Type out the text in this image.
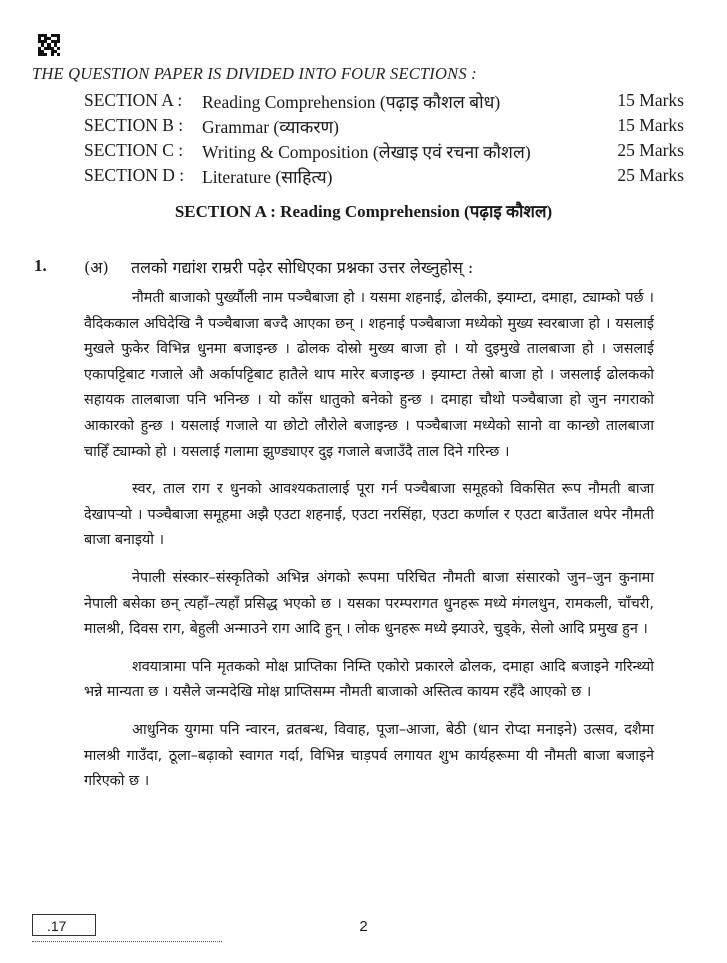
THE QUESTION PAPER IS DIVIDED INTO FOUR SECTIONS :
SECTION A : Reading Comprehension (पढ़ाइ कौशल बोध)	15 Marks
SECTION B : Grammar (व्याकरण)	15 Marks
SECTION C : Writing & Composition (लेखाइ एवं रचना कौशल)	25 Marks
SECTION D : Literature (साहित्य)	25 Marks
SECTION A : Reading Comprehension (पढ़ाइ कौशल)
1. (अ) तलको गद्यांश राम्ररी पढ़ेर सोधिएका प्रश्नका उत्तर लेख्नुहोस् :

नौमती बाजाको पुर्ख्यौली नाम पञ्चैबाजा हो । यसमा शहनाई, ढोलकी, झ्याम्टा, दमाहा, ट्याम्को पर्छ । वैदिककाल अघिदेखि नै पञ्चैबाजा बज्दै आएका छन् । शहनाई पञ्चैबाजा मध्येको मुख्य स्वरबाजा हो । यसलाई मुखले फुकेर विभिन्न धुनमा बजाइन्छ । ढोलक दोस्रो मुख्य बाजा हो । यो दुइमुखे तालबाजा हो । जसलाई एकापट्टिबाट गजाले औ अर्कापट्टिबाट हातैले थाप मारेर बजाइन्छ । झ्याम्टा तेस्रो बाजा हो । जसलाई ढोलकको सहायक तालबाजा पनि भनिन्छ । यो काँस धातुको बनेको हुन्छ । दमाहा चौथो पञ्चैबाजा हो जुन नगराको आकारको हुन्छ । यसलाई गजाले या छोटो लौरोले बजाइन्छ । पञ्चैबाजा मध्येको सानो वा कान्छो तालबाजा चाहिँ ट्याम्को हो । यसलाई गलामा झुण्ड्याएर दुइ गजाले बजाउँदै ताल दिने गरिन्छ ।

स्वर, ताल राग र धुनको आवश्यकतालाई पूरा गर्न पञ्चैबाजा समूहको विकसित रूप नौमती बाजा देखापर्‍यो । पञ्चैबाजा समूहमा अझै एउटा शहनाई, एउटा नरसिंहा, एउटा कर्णाल र एउटा बाउँताल थपेर नौमती बाजा बनाइयो ।

नेपाली संस्कार–संस्कृतिको अभिन्न अंगको रूपमा परिचित नौमती बाजा संसारको जुन–जुन कुनामा नेपाली बसेका छन् त्यहाँ–त्यहाँ प्रसिद्ध भएको छ । यसका परम्परागत धुनहरू मध्ये मंगलधुन, रामकली, चाँचरी, मालश्री, दिवस राग, बेहुली अन्माउने राग आदि हुन् । लोक धुनहरू मध्ये झ्याउरे, चुड्के, सेलो आदि प्रमुख हुन ।

शवयात्रामा पनि मृतकको मोक्ष प्राप्तिका निम्ति एकोरो प्रकारले ढोलक, दमाहा आदि बजाइने गरिन्थ्यो भन्ने मान्यता छ । यसैले जन्मदेखि मोक्ष प्राप्तिसम्म नौमती बाजाको अस्तित्व कायम रहँदै आएको छ ।

आधुनिक युगमा पनि न्वारन, व्रतबन्ध, विवाह, पूजा–आजा, बेठी (धान रोप्दा मनाइने) उत्सव, दशैमा मालश्री गाउँदा, ठूला–बढ़ाको स्वागत गर्दा, विभिन्न चाड़पर्व लगायत शुभ कार्यहरूमा यी नौमती बाजा बजाइने गरिएको छ ।

.17	2
